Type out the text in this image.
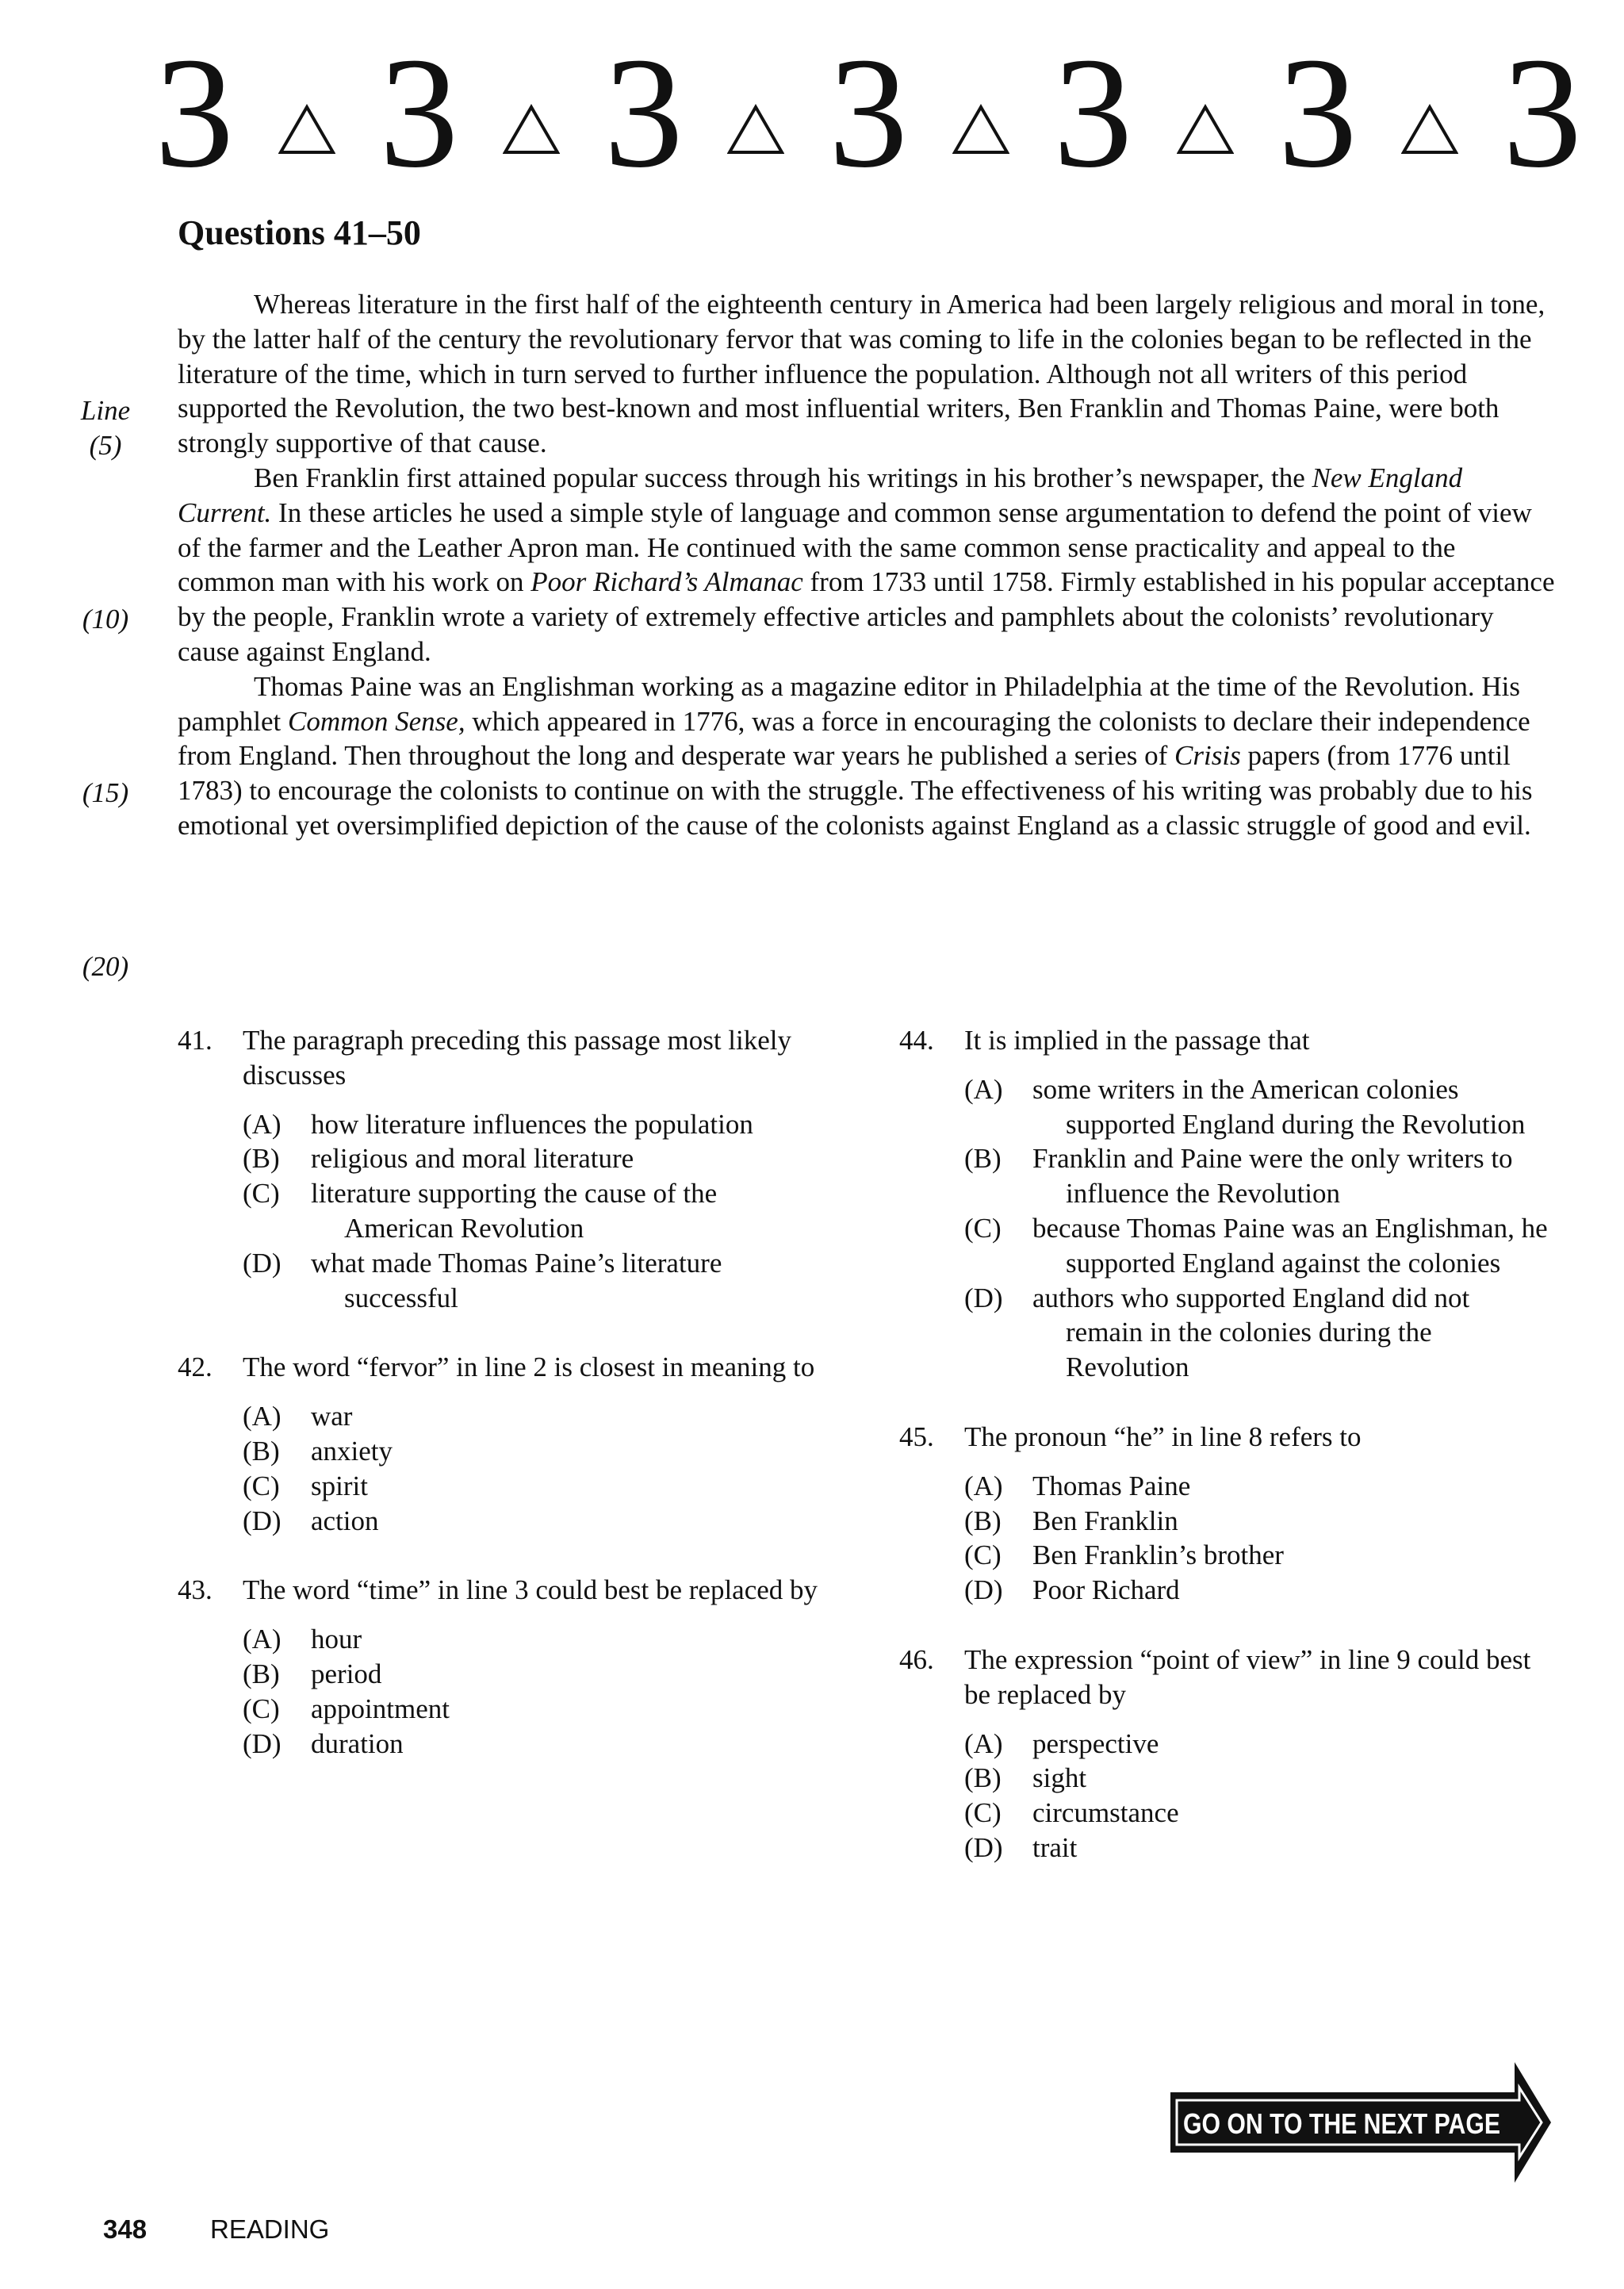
3 3 3 3 3 3 3
Questions 41–50
Line
(5)
(10)
(15)
(20)

Whereas literature in the first half of the eighteenth century in America had been largely religious and moral in tone, by the latter half of the century the revolutionary fervor that was coming to life in the colonies began to be reflected in the literature of the time, which in turn served to further influence the population. Although not all writers of this period supported the Revolution, the two best-known and most influential writers, Ben Franklin and Thomas Paine, were both strongly supportive of that cause.

Ben Franklin first attained popular success through his writings in his brother’s newspaper, the New England Current. In these articles he used a simple style of language and common sense argumentation to defend the point of view of the farmer and the Leather Apron man. He continued with the same common sense practicality and appeal to the common man with his work on Poor Richard’s Almanac from 1733 until 1758. Firmly established in his popular acceptance by the people, Franklin wrote a variety of extremely effective articles and pamphlets about the colonists’ revolutionary cause against England.

Thomas Paine was an Englishman working as a magazine editor in Philadelphia at the time of the Revolution. His pamphlet Common Sense, which appeared in 1776, was a force in encouraging the colonists to declare their independence from England. Then throughout the long and desperate war years he published a series of Crisis papers (from 1776 until 1783) to encourage the colonists to continue on with the struggle. The effectiveness of his writing was probably due to his emotional yet oversimplified depiction of the cause of the colonists against England as a classic struggle of good and evil.

41.	The paragraph preceding this passage most likely discusses
(A)	how literature influences the population
(B)	religious and moral literature
(C)	literature supporting the cause of the American Revolution
(D)	what made Thomas Paine’s literature successful
42.	The word “fervor” in line 2 is closest in meaning to
(A)	war
(B)	anxiety
(C)	spirit
(D)	action
43.	The word “time” in line 3 could best be replaced by
(A)	hour
(B)	period
(C)	appointment
(D)	duration
44.	It is implied in the passage that
(A)	some writers in the American colonies supported England during the Revolution
(B)	Franklin and Paine were the only writers to influence the Revolution
(C)	because Thomas Paine was an Englishman, he supported England against the colonies
(D)	authors who supported England did not remain in the colonies during the Revolution
45.	The pronoun “he” in line 8 refers to
(A)	Thomas Paine
(B)	Ben Franklin
(C)	Ben Franklin’s brother
(D)	Poor Richard
46.	The expression “point of view” in line 9 could best be replaced by
(A)	perspective
(B)	sight
(C)	circumstance
(D)	trait
GO ON TO THE NEXT PAGE
348 READING
